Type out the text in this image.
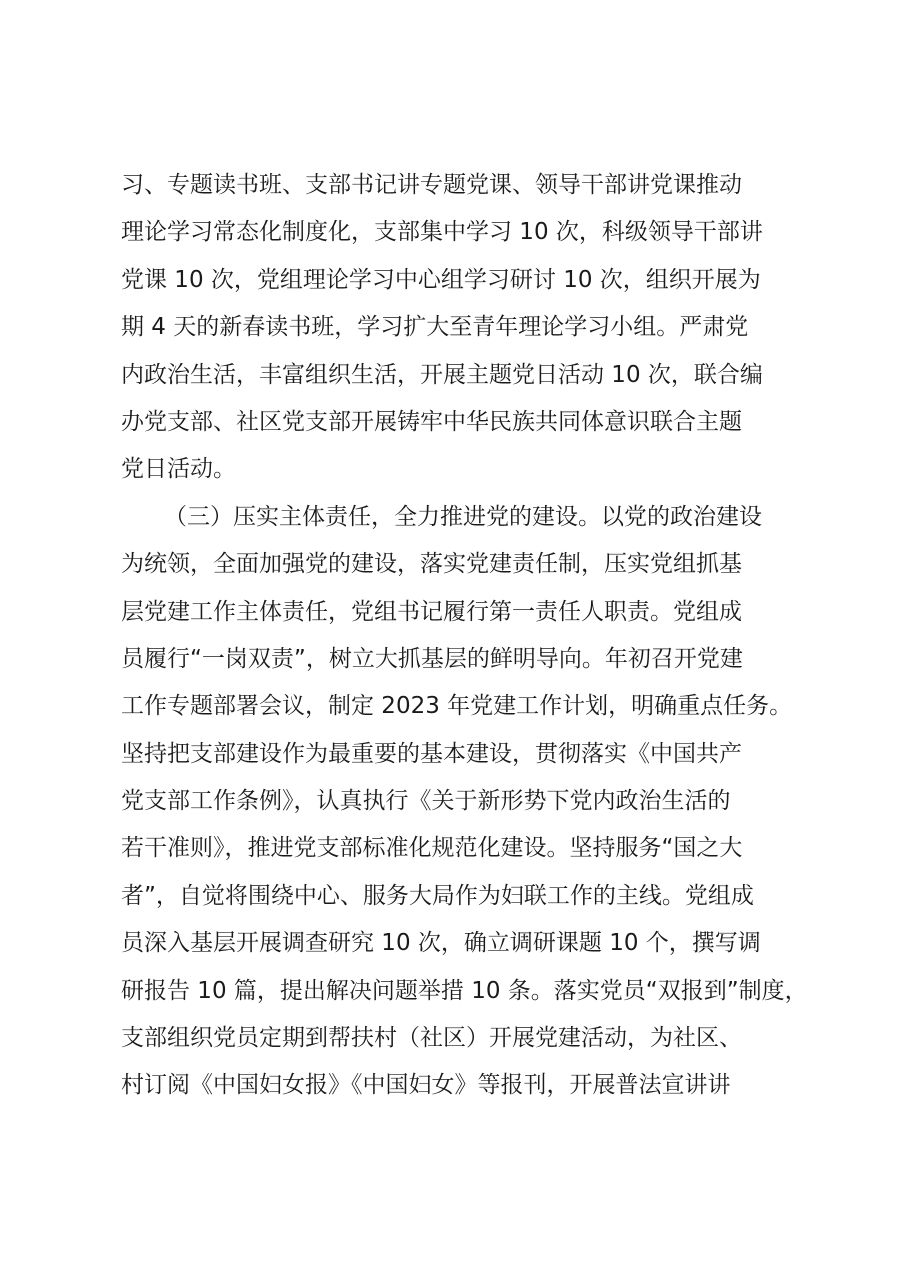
习、专题读书班、支部书记讲专题党课、领导干部讲党课推动
理论学习常态化制度化，支部集中学习 10 次，科级领导干部讲
党课 10 次，党组理论学习中心组学习研讨 10 次，组织开展为
期 4 天的新春读书班，学习扩大至青年理论学习小组。严肃党
内政治生活，丰富组织生活，开展主题党日活动 10 次，联合编
办党支部、社区党支部开展铸牢中华民族共同体意识联合主题
党日活动。
（三）压实主体责任，全力推进党的建设。以党的政治建设
为统领，全面加强党的建设，落实党建责任制，压实党组抓基
层党建工作主体责任，党组书记履行第一责任人职责。党组成
员履行“一岗双责”，树立大抓基层的鲜明导向。年初召开党建
工作专题部署会议，制定 2023 年党建工作计划，明确重点任务。
坚持把支部建设作为最重要的基本建设，贯彻落实《中国共产
党支部工作条例》，认真执行《关于新形势下党内政治生活的
若干准则》，推进党支部标准化规范化建设。坚持服务“国之大
者”，自觉将围绕中心、服务大局作为妇联工作的主线。党组成
员深入基层开展调查研究 10 次，确立调研课题 10 个，撰写调
研报告 10 篇，提出解决问题举措 10 条。落实党员“双报到”制度，
支部组织党员定期到帮扶村（社区）开展党建活动，为社区、
村订阅《中国妇女报》《中国妇女》等报刊，开展普法宣讲讲
